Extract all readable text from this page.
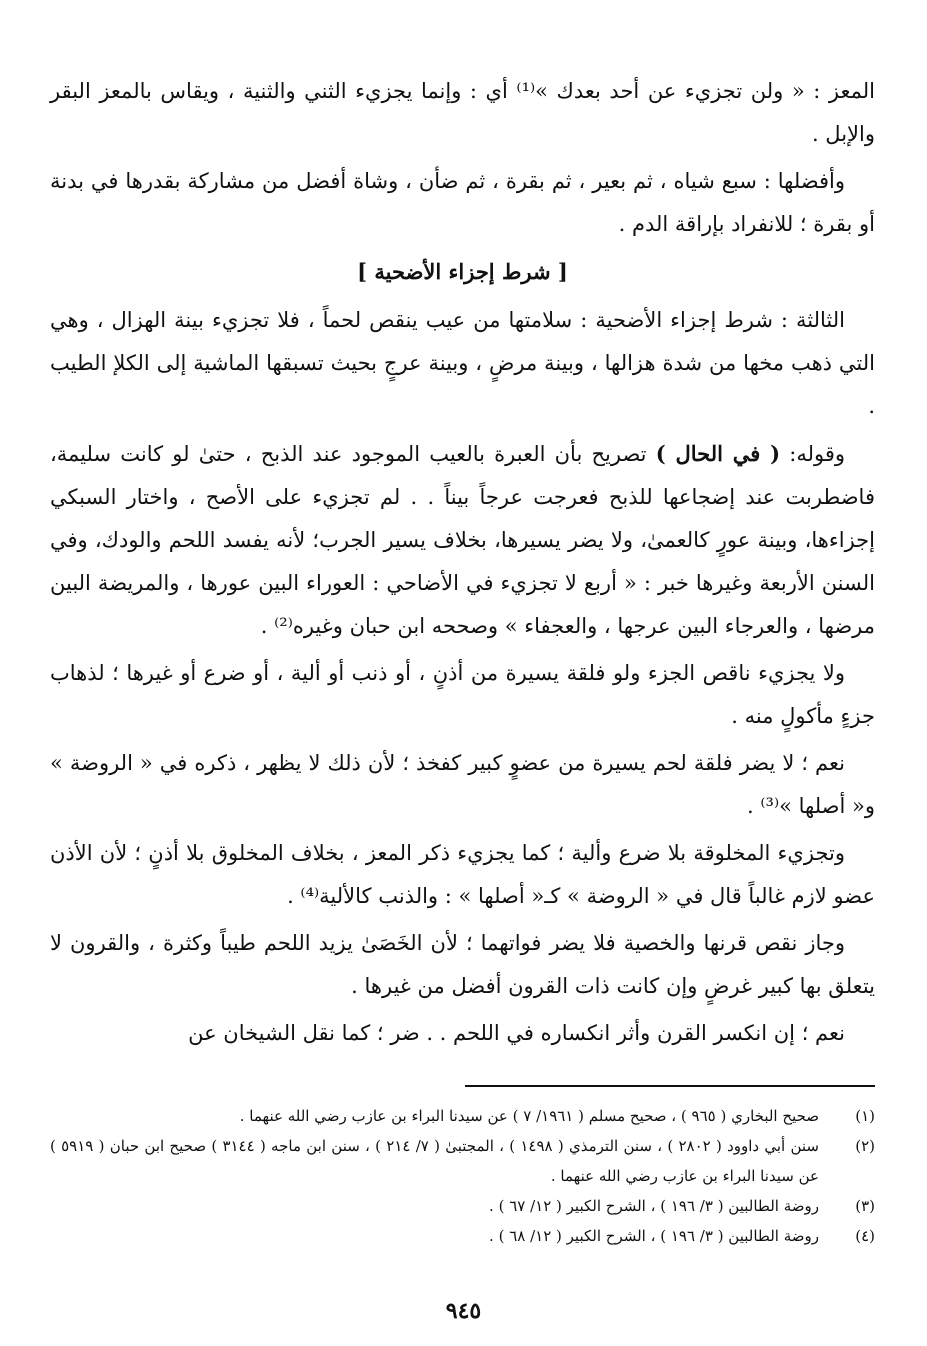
المعز : « ولن تجزيء عن أحد بعدك »⁽¹⁾ أي : وإنما يجزيء الثني والثنية ، ويقاس بالمعز البقر والإبل .

وأفضلها : سبع شياه ، ثم بعير ، ثم بقرة ، ثم ضأن ، وشاة أفضل من مشاركة بقدرها في بدنة أو بقرة ؛ للانفراد بإراقة الدم .

[ شرط إجزاء الأضحية ]

الثالثة : شرط إجزاء الأضحية : سلامتها من عيب ينقص لحماً ، فلا تجزيء بينة الهزال ، وهي التي ذهب مخها من شدة هزالها ، وبينة مرضٍ ، وبينة عرجٍ بحيث تسبقها الماشية إلى الكلإ الطيب .

وقوله: ( في الحال ) تصريح بأن العبرة بالعيب الموجود عند الذبح ، حتىٰ لو كانت سليمة، فاضطربت عند إضجاعها للذبح فعرجت عرجاً بيناً . . لم تجزيء على الأصح ، واختار السبكي إجزاءها، وبينة عورٍ كالعمىٰ، ولا يضر يسيرها، بخلاف يسير الجرب؛ لأنه يفسد اللحم والودك، وفي السنن الأربعة وغيرها خبر : « أربع لا تجزيء في الأضاحي : العوراء البين عورها ، والمريضة البين مرضها ، والعرجاء البين عرجها ، والعجفاء » وصححه ابن حبان وغيره⁽²⁾ .

ولا يجزيء ناقص الجزء ولو فلقة يسيرة من أذنٍ ، أو ذنب أو ألية ، أو ضرع أو غيرها ؛ لذهاب جزءٍ مأكولٍ منه .

نعم ؛ لا يضر فلقة لحم يسيرة من عضوٍ كبير كفخذ ؛ لأن ذلك لا يظهر ، ذكره في « الروضة » و« أصلها »⁽³⁾ .

وتجزيء المخلوقة بلا ضرع وألية ؛ كما يجزيء ذكر المعز ، بخلاف المخلوق بلا أذنٍ ؛ لأن الأذن عضو لازم غالباً قال في « الروضة » كـ« أصلها » : والذنب كالألية⁽⁴⁾ .

وجاز نقص قرنها والخصية فلا يضر فواتهما ؛ لأن الخَصَىٰ يزيد اللحم طيباً وكثرة ، والقرون لا يتعلق بها كبير غرضٍ وإن كانت ذات القرون أفضل من غيرها .

نعم ؛ إن انكسر القرن وأثر انكساره في اللحم . . ضر ؛ كما نقل الشيخان عن

(١)
صحيح البخاري ( ٩٦٥ ) ، صحيح مسلم ( ١٩٦١/ ٧ ) عن سيدنا البراء بن عازب رضي الله عنهما .
(٢)
سنن أبي داوود ( ٢٨٠٢ ) ، سنن الترمذي ( ١٤٩٨ ) ، المجتبىٰ ( ٧/ ٢١٤ ) ، سنن ابن ماجه ( ٣١٤٤ ) صحيح ابن حبان ( ٥٩١٩ ) عن سيدنا البراء بن عازب رضي الله عنهما .
(٣)
روضة الطالبين ( ٣/ ١٩٦ ) ، الشرح الكبير ( ١٢/ ٦٧ ) .
(٤)
روضة الطالبين ( ٣/ ١٩٦ ) ، الشرح الكبير ( ١٢/ ٦٨ ) .
٩٤٥
